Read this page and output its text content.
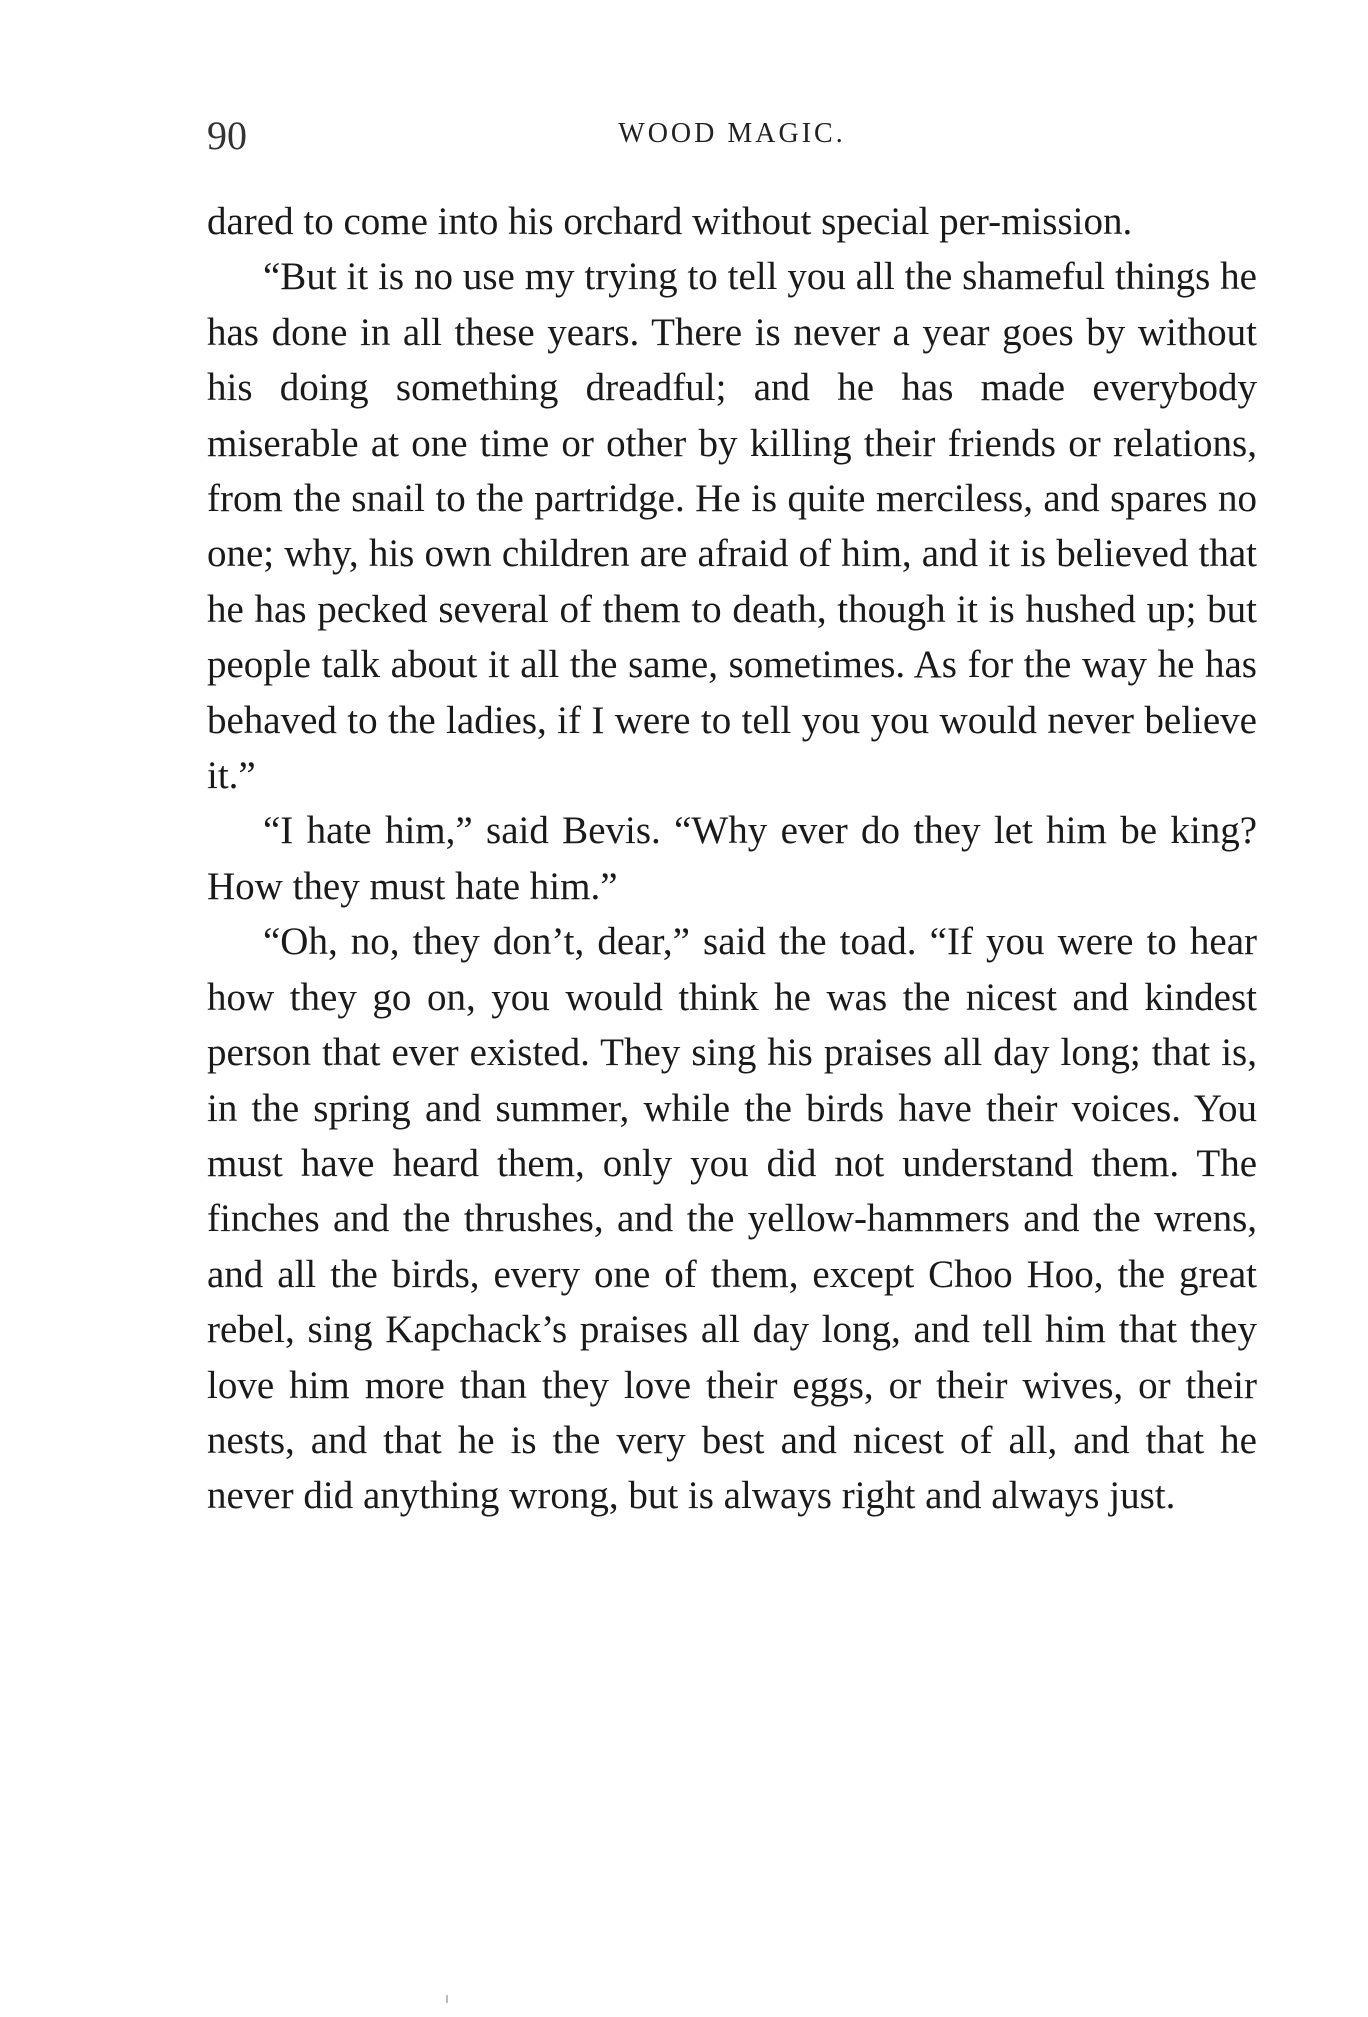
90	WOOD MAGIC.

dared to come into his orchard without special per-mission.

“But it is no use my trying to tell you all the shameful things he has done in all these years. There is never a year goes by without his doing something dreadful; and he has made everybody miserable at one time or other by killing their friends or relations, from the snail to the partridge. He is quite merciless, and spares no one; why, his own children are afraid of him, and it is believed that he has pecked several of them to death, though it is hushed up; but people talk about it all the same, sometimes. As for the way he has behaved to the ladies, if I were to tell you you would never believe it.”

“I hate him,” said Bevis. “Why ever do they let him be king? How they must hate him.”

“Oh, no, they don’t, dear,” said the toad. “If you were to hear how they go on, you would think he was the nicest and kindest person that ever existed. They sing his praises all day long; that is, in the spring and summer, while the birds have their voices. You must have heard them, only you did not understand them. The finches and the thrushes, and the yellow-hammers and the wrens, and all the birds, every one of them, except Choo Hoo, the great rebel, sing Kapchack’s praises all day long, and tell him that they love him more than they love their eggs, or their wives, or their nests, and that he is the very best and nicest of all, and that he never did anything wrong, but is always right and always just.
